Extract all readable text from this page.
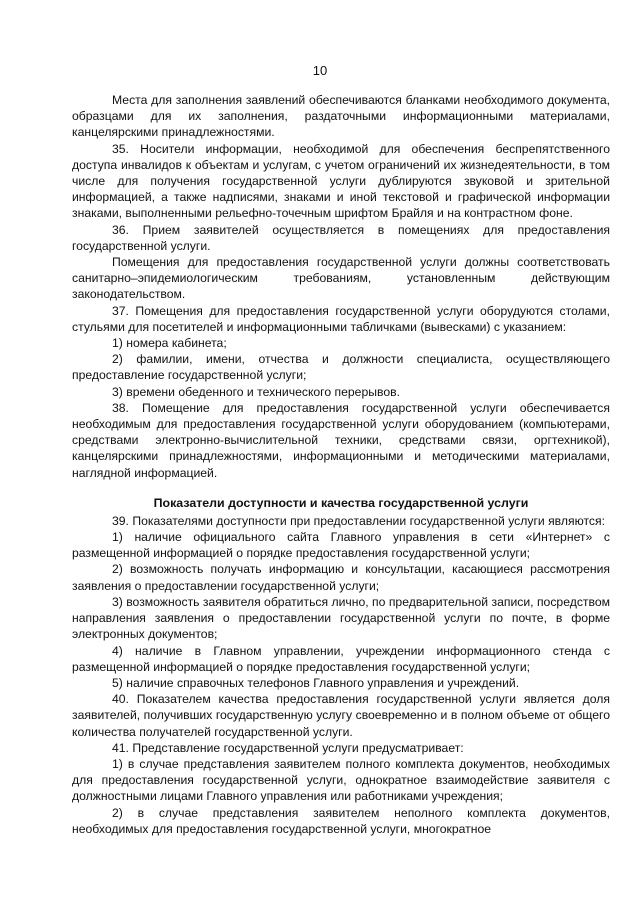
10

Места для заполнения заявлений обеспечиваются бланками необходимого документа, образцами для их заполнения, раздаточными информационными материалами, канцелярскими принадлежностями.

35. Носители информации, необходимой для обеспечения беспрепятственного доступа инвалидов к объектам и услугам, с учетом ограничений их жизнедеятельности, в том числе для получения государственной услуги дублируются звуковой и зрительной информацией, а также надписями, знаками и иной текстовой и графической информации знаками, выполненными рельефно-точечным шрифтом Брайля и на контрастном фоне.

36. Прием заявителей осуществляется в помещениях для предоставления государственной услуги.

Помещения для предоставления государственной услуги должны соответствовать санитарно–эпидемиологическим требованиям, установленным действующим законодательством.

37. Помещения для предоставления государственной услуги оборудуются столами, стульями для посетителей и информационными табличками (вывесками) с указанием:

1) номера кабинета;

2) фамилии, имени, отчества и должности специалиста, осуществляющего предоставление государственной услуги;

3) времени обеденного и технического перерывов.

38. Помещение для предоставления государственной услуги обеспечивается необходимым для предоставления государственной услуги оборудованием (компьютерами, средствами электронно-вычислительной техники, средствами связи, оргтехникой), канцелярскими принадлежностями, информационными и методическими материалами, наглядной информацией.

Показатели доступности и качества государственной услуги

39. Показателями доступности при предоставлении государственной услуги являются:

1) наличие официального сайта Главного управления в сети «Интернет» с размещенной информацией о порядке предоставления государственной услуги;

2) возможность получать информацию и консультации, касающиеся рассмотрения заявления о предоставлении государственной услуги;

3) возможность заявителя обратиться лично, по предварительной записи, посредством направления заявления о предоставлении государственной услуги по почте, в форме электронных документов;

4) наличие в Главном управлении, учреждении информационного стенда с размещенной информацией о порядке предоставления государственной услуги;

5) наличие справочных телефонов Главного управления и учреждений.

40. Показателем качества предоставления государственной услуги является доля заявителей, получивших государственную услугу своевременно и в полном объеме от общего количества получателей государственной услуги.

41. Представление государственной услуги предусматривает:

1) в случае представления заявителем полного комплекта документов, необходимых для предоставления государственной услуги, однократное взаимодействие заявителя с должностными лицами Главного управления или работниками учреждения;

2) в случае представления заявителем неполного комплекта документов, необходимых для предоставления государственной услуги, многократное
